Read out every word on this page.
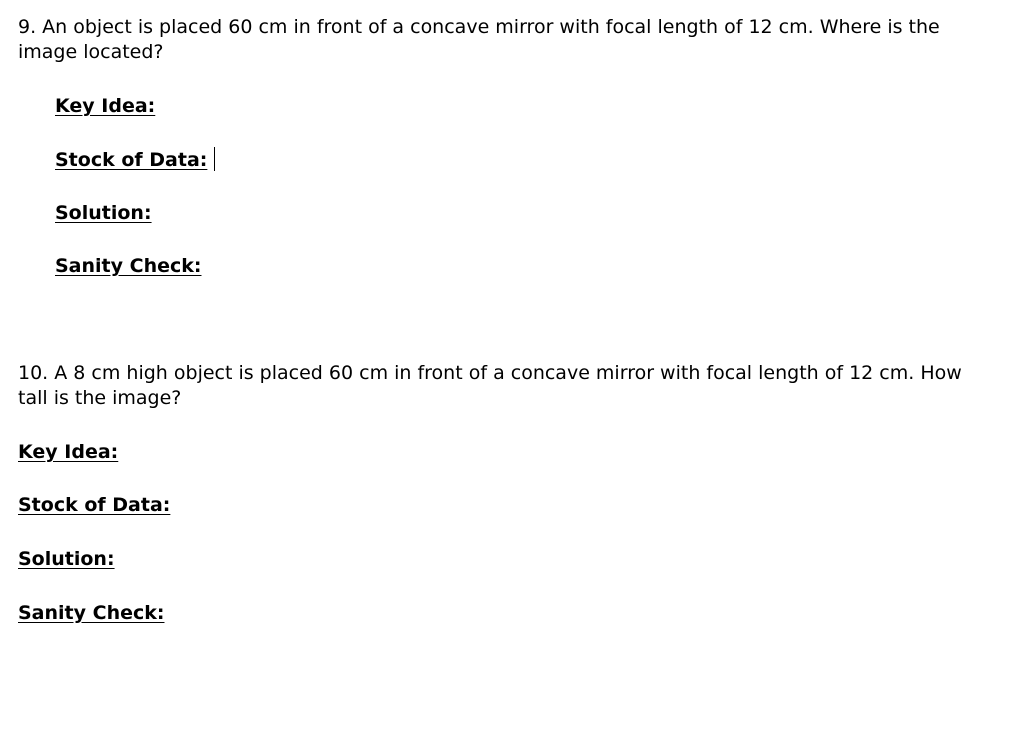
9. An object is placed 60 cm in front of a concave mirror with focal length of 12 cm. Where is the image located?

Key Idea:
Stock of Data:
Solution:
Sanity Check:

10. A 8 cm high object is placed 60 cm in front of a concave mirror with focal length of 12 cm. How tall is the image?

Key Idea:
Stock of Data:
Solution:
Sanity Check:
